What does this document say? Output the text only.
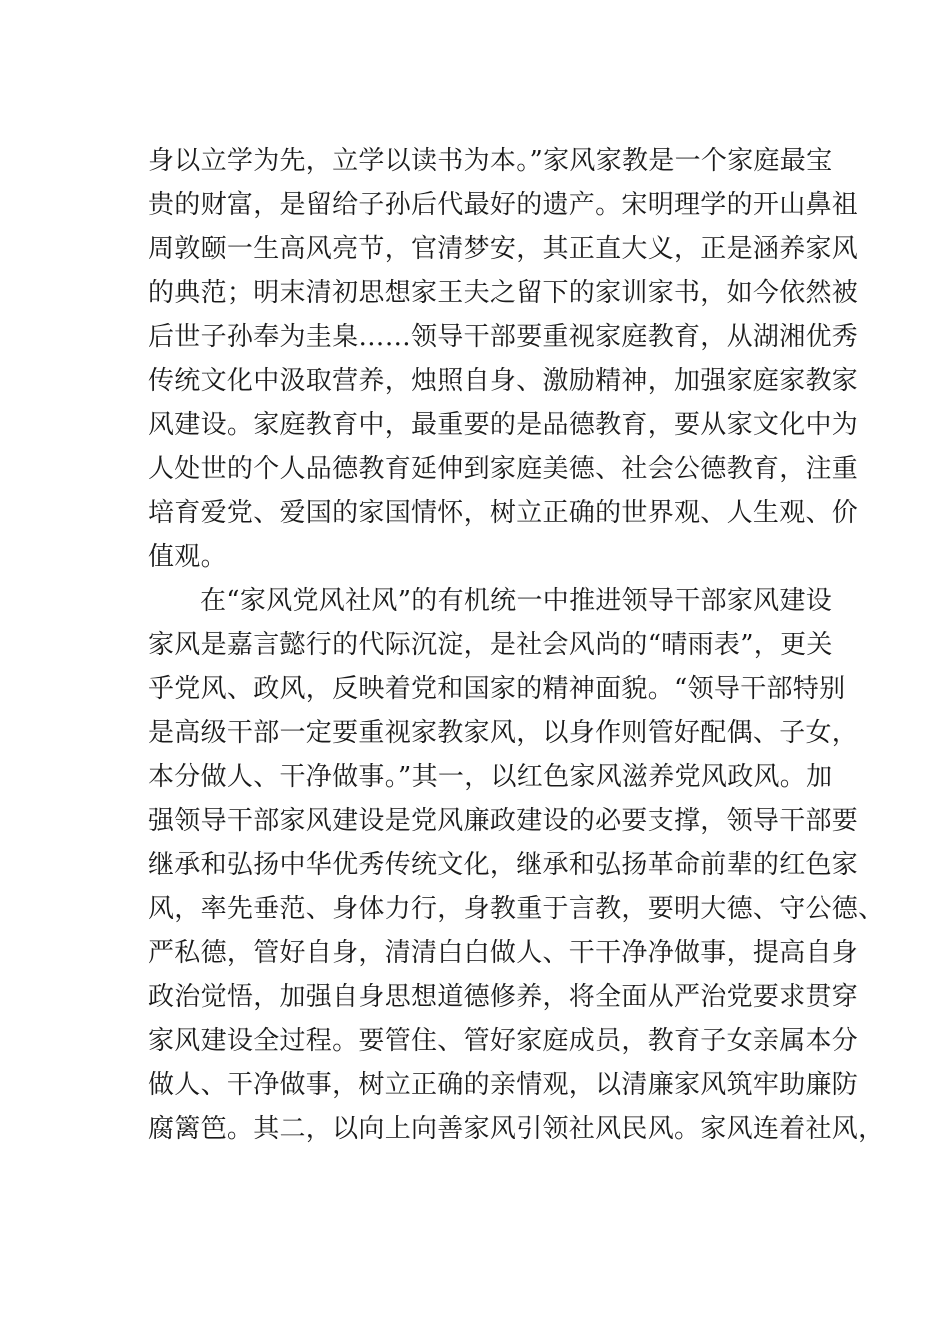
身以立学为先，立学以读书为本。”家风家教是一个家庭最宝
贵的财富，是留给子孙后代最好的遗产。宋明理学的开山鼻祖
周敦颐一生高风亮节，官清梦安，其正直大义，正是涵养家风
的典范；明末清初思想家王夫之留下的家训家书，如今依然被
后世子孙奉为圭臬……领导干部要重视家庭教育，从湖湘优秀
传统文化中汲取营养，烛照自身、激励精神，加强家庭家教家
风建设。家庭教育中，最重要的是品德教育，要从家文化中为
人处世的个人品德教育延伸到家庭美德、社会公德教育，注重
培育爱党、爱国的家国情怀，树立正确的世界观、人生观、价
值观。
在“家风党风社风”的有机统一中推进领导干部家风建设
家风是嘉言懿行的代际沉淀，是社会风尚的“晴雨表”，更关
乎党风、政风，反映着党和国家的精神面貌。“领导干部特别
是高级干部一定要重视家教家风，以身作则管好配偶、子女，
本分做人、干净做事。”其一，以红色家风滋养党风政风。加
强领导干部家风建设是党风廉政建设的必要支撑，领导干部要
继承和弘扬中华优秀传统文化，继承和弘扬革命前辈的红色家
风，率先垂范、身体力行，身教重于言教，要明大德、守公德、
严私德，管好自身，清清白白做人、干干净净做事，提高自身
政治觉悟，加强自身思想道德修养，将全面从严治党要求贯穿
家风建设全过程。要管住、管好家庭成员，教育子女亲属本分
做人、干净做事，树立正确的亲情观，以清廉家风筑牢助廉防
腐篱笆。其二，以向上向善家风引领社风民风。家风连着社风，
